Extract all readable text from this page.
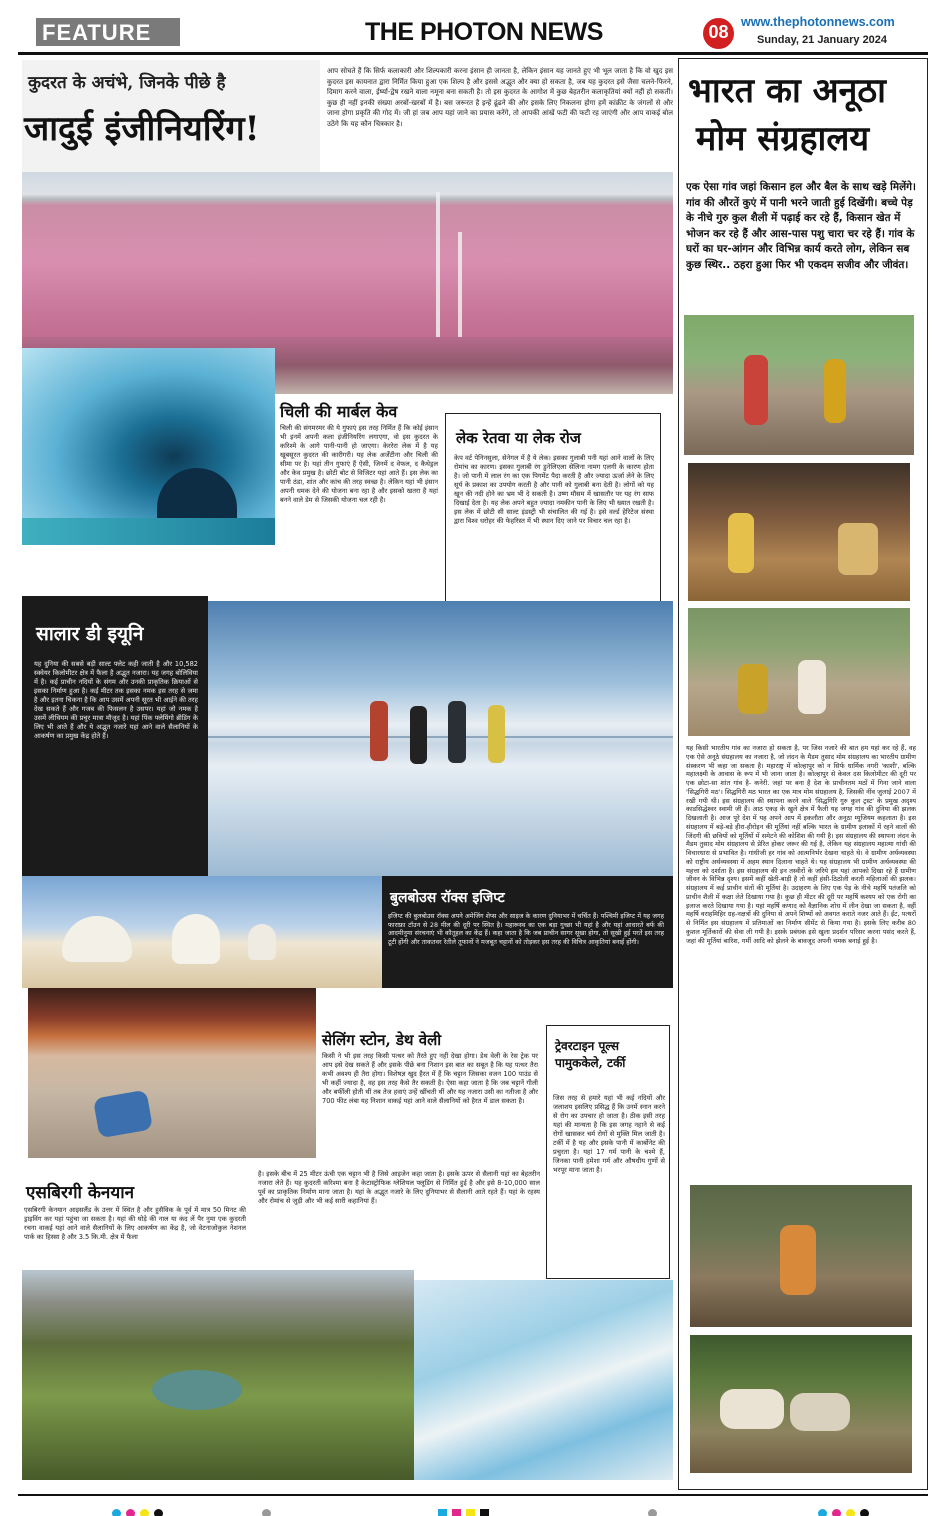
FEATURE	THE PHOTON NEWS	08 www.thephotonnews.com
Sunday, 21 January 2024
कुदरत के अचंभे, जिनके पीछे है
जादुई इंजीनियरिंग!
आप सोचते हैं कि सिर्फ कलाकारी और शिल्पकारी करना इंसान ही जानता है, लेकिन इंसान यह जानते हुए भी भूल जाता है कि वो खुद इस कुदरत इस कायनात द्वारा निर्मित किया हुआ एक शिल्प है और इससे अद्भुत और क्या हो सकता है, जब यह कुदरत इसे जैसा चलने-फिरने, दिमाग करने वाला, ईर्ष्या-द्वेष रखने वाला नमूना बना सकती है। तो इस कुदरत के आगोश में कुछ बेहतरीन कलाकृतियां क्यों नहीं हो सकतीं। कुछ ही नहीं इनकी संख्या अरबों-खरबों में है। बस जरूरत है इन्हें ढूंढने की और इसके लिए निकलना होगा हमें कांक्रीट के जंगलों से और जाना होगा प्रकृति की गोद में। जी हां जब आप यहां जाने का प्रयास करेंगे, तो आपकी आंखें फटी की फटी रह जाएंगी और आप वाकई बोल उठेंगे कि यह कौन चित्रकार है।
चिली की मार्बल केव
चिली की संगमरमर की ये गुफाएं इस तरह निर्मित हैं कि कोई इंसान भी इनमें अपनी कला इंजीनियरिंग लगाएगा, वो इस कुदरत के करिश्मे के आगे पानी-पानी हो जाएगा। केररेरा लेक में है यह खूबसूरत कुदरत की कारीगरी। यह लेक अर्जेंटीना और चिली की सीमा पर है। यहां तीन गुफाएं हैं ऐसी, जिनमें द वेफल, द कैथेड्रल और केव प्रमुख है। छोटी बोट से विजिटर यहां आते हैं। इस लेक का पानी ठंडा, शांत और कांच की तरह स्वच्छ है। लेकिन यहां भी इंसान अपनी धमक देने की योजना बना रहा है और इसको खतरा है यहां बनने वाले डेम से जिसकी योजना चल रही है।
लेक रेतवा या लेक रोज
केप वर्ट पेनिनसुला, सेनेगल में है ये लेक। इसका गुलाबी पनी यहां आने वालों के लिए रोमांच का कारण। इसका गुलाबी रंग डुनेलिएला सेलिना नामग एलगी के कारण होता है। जो पानी में लाल रंग का एक पिगमेंट पैदा करती है और ज्यादा ऊर्जा लेने के लिए सूर्य के प्रकाश का उपयोग करती है और पानी को गुलाबी बना देती है। लोगों को यह खून की नदी होने का भ्रम भी दे सकती है। उष्ण मौसम में खासतौर पर यह रंग साफ दिखाई देता है। यह लेक अपने बहुत ज्यादा नमकीन पानी के लिए भी ख्यात रखती है। इस लेक में छोटी सी साल्ट इंडस्ट्री भी संचालित की गई है। इसे वर्ल्ड हेरिटेज संस्था द्वारा विश्व धरोहर की फेहरिस्त में भी स्थान दिए जाने पर विचार चल रहा है।
सालार डी इयूनि
यह दुनिया की सबसे बड़ी साल्ट फ्लेट कही जाती है और 10,582 स्क्वेयर किलोमीटर क्षेत्र में फैला है अद्भुत नजारा। यह जगह बोलिविया में है। कई प्राचीन नदियों के संगम और उनकी प्राकृतिक क्रियाओं से इसका निर्माण हुआ है। कई मीटर तक इसका नमक इस तरह से जमा है और इतना चिकना है कि आप उसमें अपनी सूरत भी आईने की तरह देख सकते हैं और गजब की फिसलन है उसपर। यहां जो नमक है उसमें लीथियम की प्रचुर मात्रा मौजूद है। यहां पिंक फ्लेमिंगो ब्रीडिंग के लिए भी आते हैं और ये अद्भुत नजारे यहां आने वाले सैलानियों के आकर्षण का प्रमुख केंद्र होते हैं।
बुलबोउस रॉक्स इजिप्ट
इजिप्ट की बुलबोउस रॉक्स अपने अमेजिंग शेप्स और साइज के कारण दुनियाभर में चर्चित हैं। पश्चिमी इजिप्ट में यह जगह फाराफ्रा टॉउन से 28 मील की दूरी पर स्थित है। महारूस्थ का एक बड़ा गुच्छा भी यहां है और यहां आधारते बर्फ की आदमीनुमा संरचनाएं भी कौतूहल का केंद्र हैं। कहा जाता है कि जब प्राचीन सागर सूखा होगा, तो सूखी हुई परतें इस तरह टूटी होंगी और ताकतवर रेतीले तूफानों ने मजबूत चट्टानों को तोड़कर इस तरह की विचित्र आकृतियां बनाई होंगी।
सेलिंग स्टोन, डेथ वेली
किसी ने भी इस तरह किसी पत्थर को तैरते हुए नहीं देखा होगा। डेथ वेली के रेस ट्रेक पर आप इसे देख सकते हैं और इसके पीछे बना निशान इस बात का सबूत है कि यह पत्थर तैरा कभी अवश्य ही तैरा होगा। विशेषज्ञ खुद हैरत में हैं कि चट्टान जिसका वजन 100 पाउंड से भी कहीं ज्यादा है, वह इस तरह कैसे तैर सकती है। ऐसा कहा जाता है कि जब चट्टानें गीली और बर्फीली होती थीं तब तेज हवाएं उन्हें खींचती थीं और यह नजारा उसी का नतीजा है और 700 फीट लंबा यह निशान वाकई यहां आने वाले सैलानियों को हैरत में डाल सकता है।
ट्रेवरटाइन पूल्स पामुककेले, टर्की
जिस तरह से हमारे यहां भी कई नदियों और जलाशय इसलिए प्रसिद्ध हैं कि उनमें स्नान करने से रोग का उपचार हो जाता है। ठीक इसी तरह यहां की मान्यता है कि इस जगह नहाने से कई रोगों खासकर चर्म रोगों से मुक्ति मिल जाती है। टर्की में है यह और इसके पानी में कार्बोनेट की प्रचुरता है। यहां 17 गर्म पानी के चश्मे हैं, जिनका पानी हमेशा गर्म और औषधीय गुणों से भरपूर माना जाता है।
एसबिरगी केनयान
एसबिरगी केनयान आइसलैंड के उत्तर में स्थित है और हुसैविक के पूर्व में मात्र 50 मिनट की ड्राइविंग कर यहां पहुंचा जा सकता है। यहां की घोड़े की नाल या कंद लें पैर नुमा एक कुदरती रचना वाकई यहां आने वाले सैलानियों के लिए आकर्षण का केंद्र है, जो वेटनाजोकुल नेशनल पार्क का हिस्सा है और 3.5 कि.मी. क्षेत्र में फैला
है। इसके बीच में 25 मीटर ऊंची एक चट्टान भी है जिसे आइजेन कहा जाता है। इसके ऊपर से सैलानी यहां का बेहतरीन नजारा लेते हैं। यह कुदरती करिश्मा बना है केटास्ट्रोफिक ग्लेशियल फ्लूडिंग से निर्मित हुई है और इसे 8-10,000 साल पूर्व का प्राकृतिक निर्माण माना जाता है। यहां के अद्भुत नजारे के लिए दुनियाभर से सैलानी आते रहते हैं। यहां के रहस्य और रोमांच से जुड़ी और भी कई सारी कहानियां हैं।
भारत का अनूठा
मोम संग्रहालय
एक ऐसा गांव जहां किसान हल और बैल के साथ खड़े मिलेंगे। गांव की औरतें कुएं में पानी भरने जाती हुई दिखेंगी। बच्चे पेड़ के नीचे गुरु कुल शैली में पढ़ाई कर रहे हैं, किसान खेत में भोजन कर रहे हैं और आस-पास पशु चारा चर रहे हैं। गांव के घरों का घर-आंगन और विभिन्न कार्य करते लोग, लेकिन सब कुछ स्थिर.. ठहरा हुआ फिर भी एकदम सजीव और जीवंत।
यह किसी भारतीय गांव का नजारा हो सकता है, पर जिस नजारे की बात हम यहां कर रहे हैं, वह एक ऐसे अनूठे संग्रहालय का नजारा है, जो लंदन के मैडम तुसाद मोम संग्रहालय का भारतीय ग्रामीण संस्करण भी कहा जा सकता है। महाराष्ट्र में कोल्हापुर को न सिर्फ धार्मिक नगरी 'काशी', बल्कि महालक्ष्मी के आवास के रूप में भी जाना जाता है। कोल्हापुर से केवल दस किलोमीटर की दूरी पर एक छोटा-सा शांत गांव है- कनेरी. जहां पर बना है देश के प्राचीनतम मठों में गिना जाने वाला 'सिद्धगिरी मठ'। सिद्धगिरी मठ भारत का एक मात्र मोम संग्रहालय है, जिसकी नींव जुलाई 2007 में रखी गयी थी। इस संग्रहालय की स्थापना करने वाले 'सिद्धगिरि गुरु कुल ट्रस्ट' के प्रमुख अदृश्य काडसिद्धेश्वर स्वामी जी हैं। आठ एकड़ के खुले क्षेत्र में फैली यह जगह गांव की दुनिया की झलक दिखलाती है। आज पूरे देश में यह अपने आप में इकलौता और अनूठा म्यूजियम कहलाता है। इस संग्रहालय में बड़े-बड़े हीरा-हीरोइन की मूर्तियां नहीं बल्कि भारत के ग्रामीण इलाकों में रहने वालों की जिंदगी की छवियों को मूर्तियों में समेटने की कोशिश की गयी है। इस संग्रहालय की स्थापना लंदन के मैडम तुसाद मोम संग्रहालय से प्रेरित होकर जरूर की गई है, लेकिन यह संग्रहालय महात्मा गांधी की विचारधारा से प्रभावित है। गांधीजी हर गांव को आत्मनिर्भर देखना चाहते थे। वे ग्रामीण अर्थव्यवस्था को राष्ट्रीय अर्थव्यवस्था में अहम स्थान दिलाना चाहते थे। यह संग्रहालय भी ग्रामीण अर्थव्यवस्था की महत्ता को दर्शाता है। इस संग्रहालय की इन तस्वीरों के जरिये हम यहां आपको दिखा रहे हैं ग्रामीण जीवन के विभिन्न दृश्य। इसमें कहीं खेती-बाड़ी है तो कहीं हंसी-ठिठोली करती महिलाओं की झलक। संग्रहालय में कई प्राचीन संतों की मूर्तियां है। उदाहरण के लिए एक पेड़ के नीचे महर्षि पतंजलि को प्राचीन शैली में कक्षा लेते दिखाया गया है। कुछ ही मीटर की दूरी पर महर्षि कश्यप को एक रोगी का इलाज करते दिखाया गया है। यहां महर्षि कणाद को वैज्ञानिक शोध में लीन देखा जा सकता है, वहीं महर्षि वराहमिहिर ग्रह-नक्षत्रों की दुनिया से अपने शिष्यों को अवगत कराते नजर आते हैं। ईंट, पत्थरों से निर्मित इस संग्रहालय में प्रतिमाओं का निर्माण सीमेंट से किया गया है। इसके लिए करीब 80 कुशल मूर्तिकारों की सेवा ली गयी है। इसके प्रबंधक इसे खुला प्रदर्शन परिसर करना पसंद करते हैं, जहां की मूर्तियां बारिश, गर्मी आदि को झेलने के बावजूद अपनी चमक बनाई हुई है।
